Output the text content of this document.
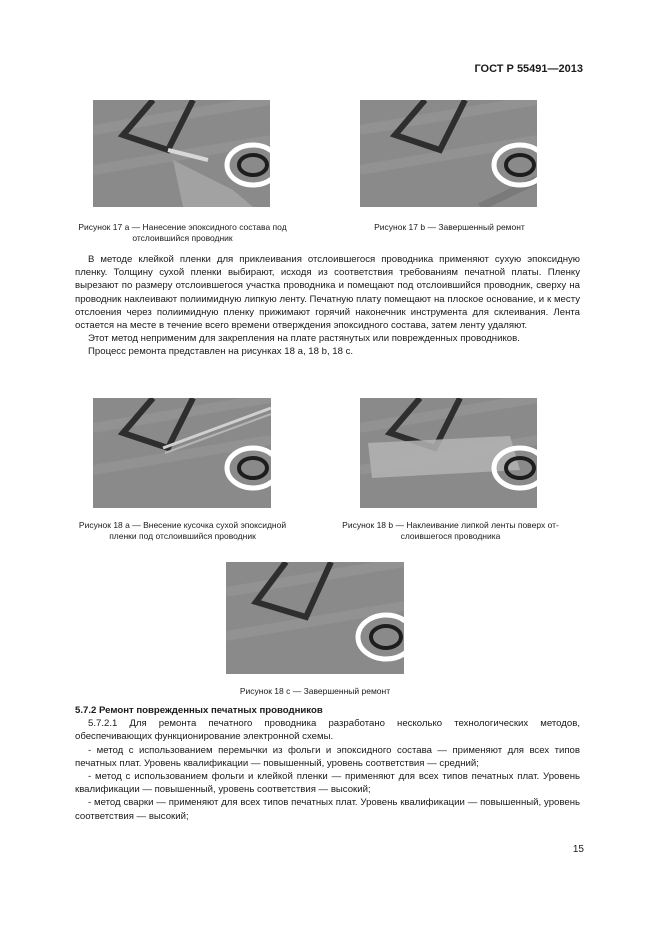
ГОСТ Р 55491—2013
Рисунок 17 а — Нанесение эпоксидного состава под
отслоившийся проводник
Рисунок 17 b — Завершенный ремонт

В методе клейкой пленки для приклеивания отслоившегося проводника применяют сухую эпоксидную пленку. Толщину сухой пленки выбирают, исходя из соответствия требованиям печатной платы. Пленку вырезают по размеру отслоившегося участка проводника и помещают под отслоившийся проводник, сверху на проводник наклеивают полиимидную липкую ленту. Печатную плату помещают на плоское основание, и к месту отслоения через полиимидную пленку прижимают горячий наконечник инструмента для склеивания. Лента остается на месте в течение всего времени отверждения эпоксидного состава, затем ленту удаляют.

Этот метод неприменим для закрепления на плате растянутых или поврежденных проводников.

Процесс ремонта представлен на рисунках 18 а, 18 b, 18 с.

Рисунок 18 а — Внесение кусочка сухой эпоксидной
пленки под отслоившийся проводник
Рисунок 18 b — Наклеивание липкой ленты поверх от-
слоившегося проводника
Рисунок 18 с — Завершенный ремонт

5.7.2 Ремонт поврежденных печатных проводников

5.7.2.1 Для ремонта печатного проводника разработано несколько технологических методов, обеспечивающих функционирование электронной схемы.

- метод с использованием перемычки из фольги и эпоксидного состава — применяют для всех типов печатных плат. Уровень квалификации — повышенный, уровень соответствия — средний;

- метод с использованием фольги и клейкой пленки — применяют для всех типов печатных плат. Уровень квалификации — повышенный, уровень соответствия — высокий;

- метод сварки — применяют для всех типов печатных плат. Уровень квалификации — повышенный, уровень соответствия — высокий;

15
